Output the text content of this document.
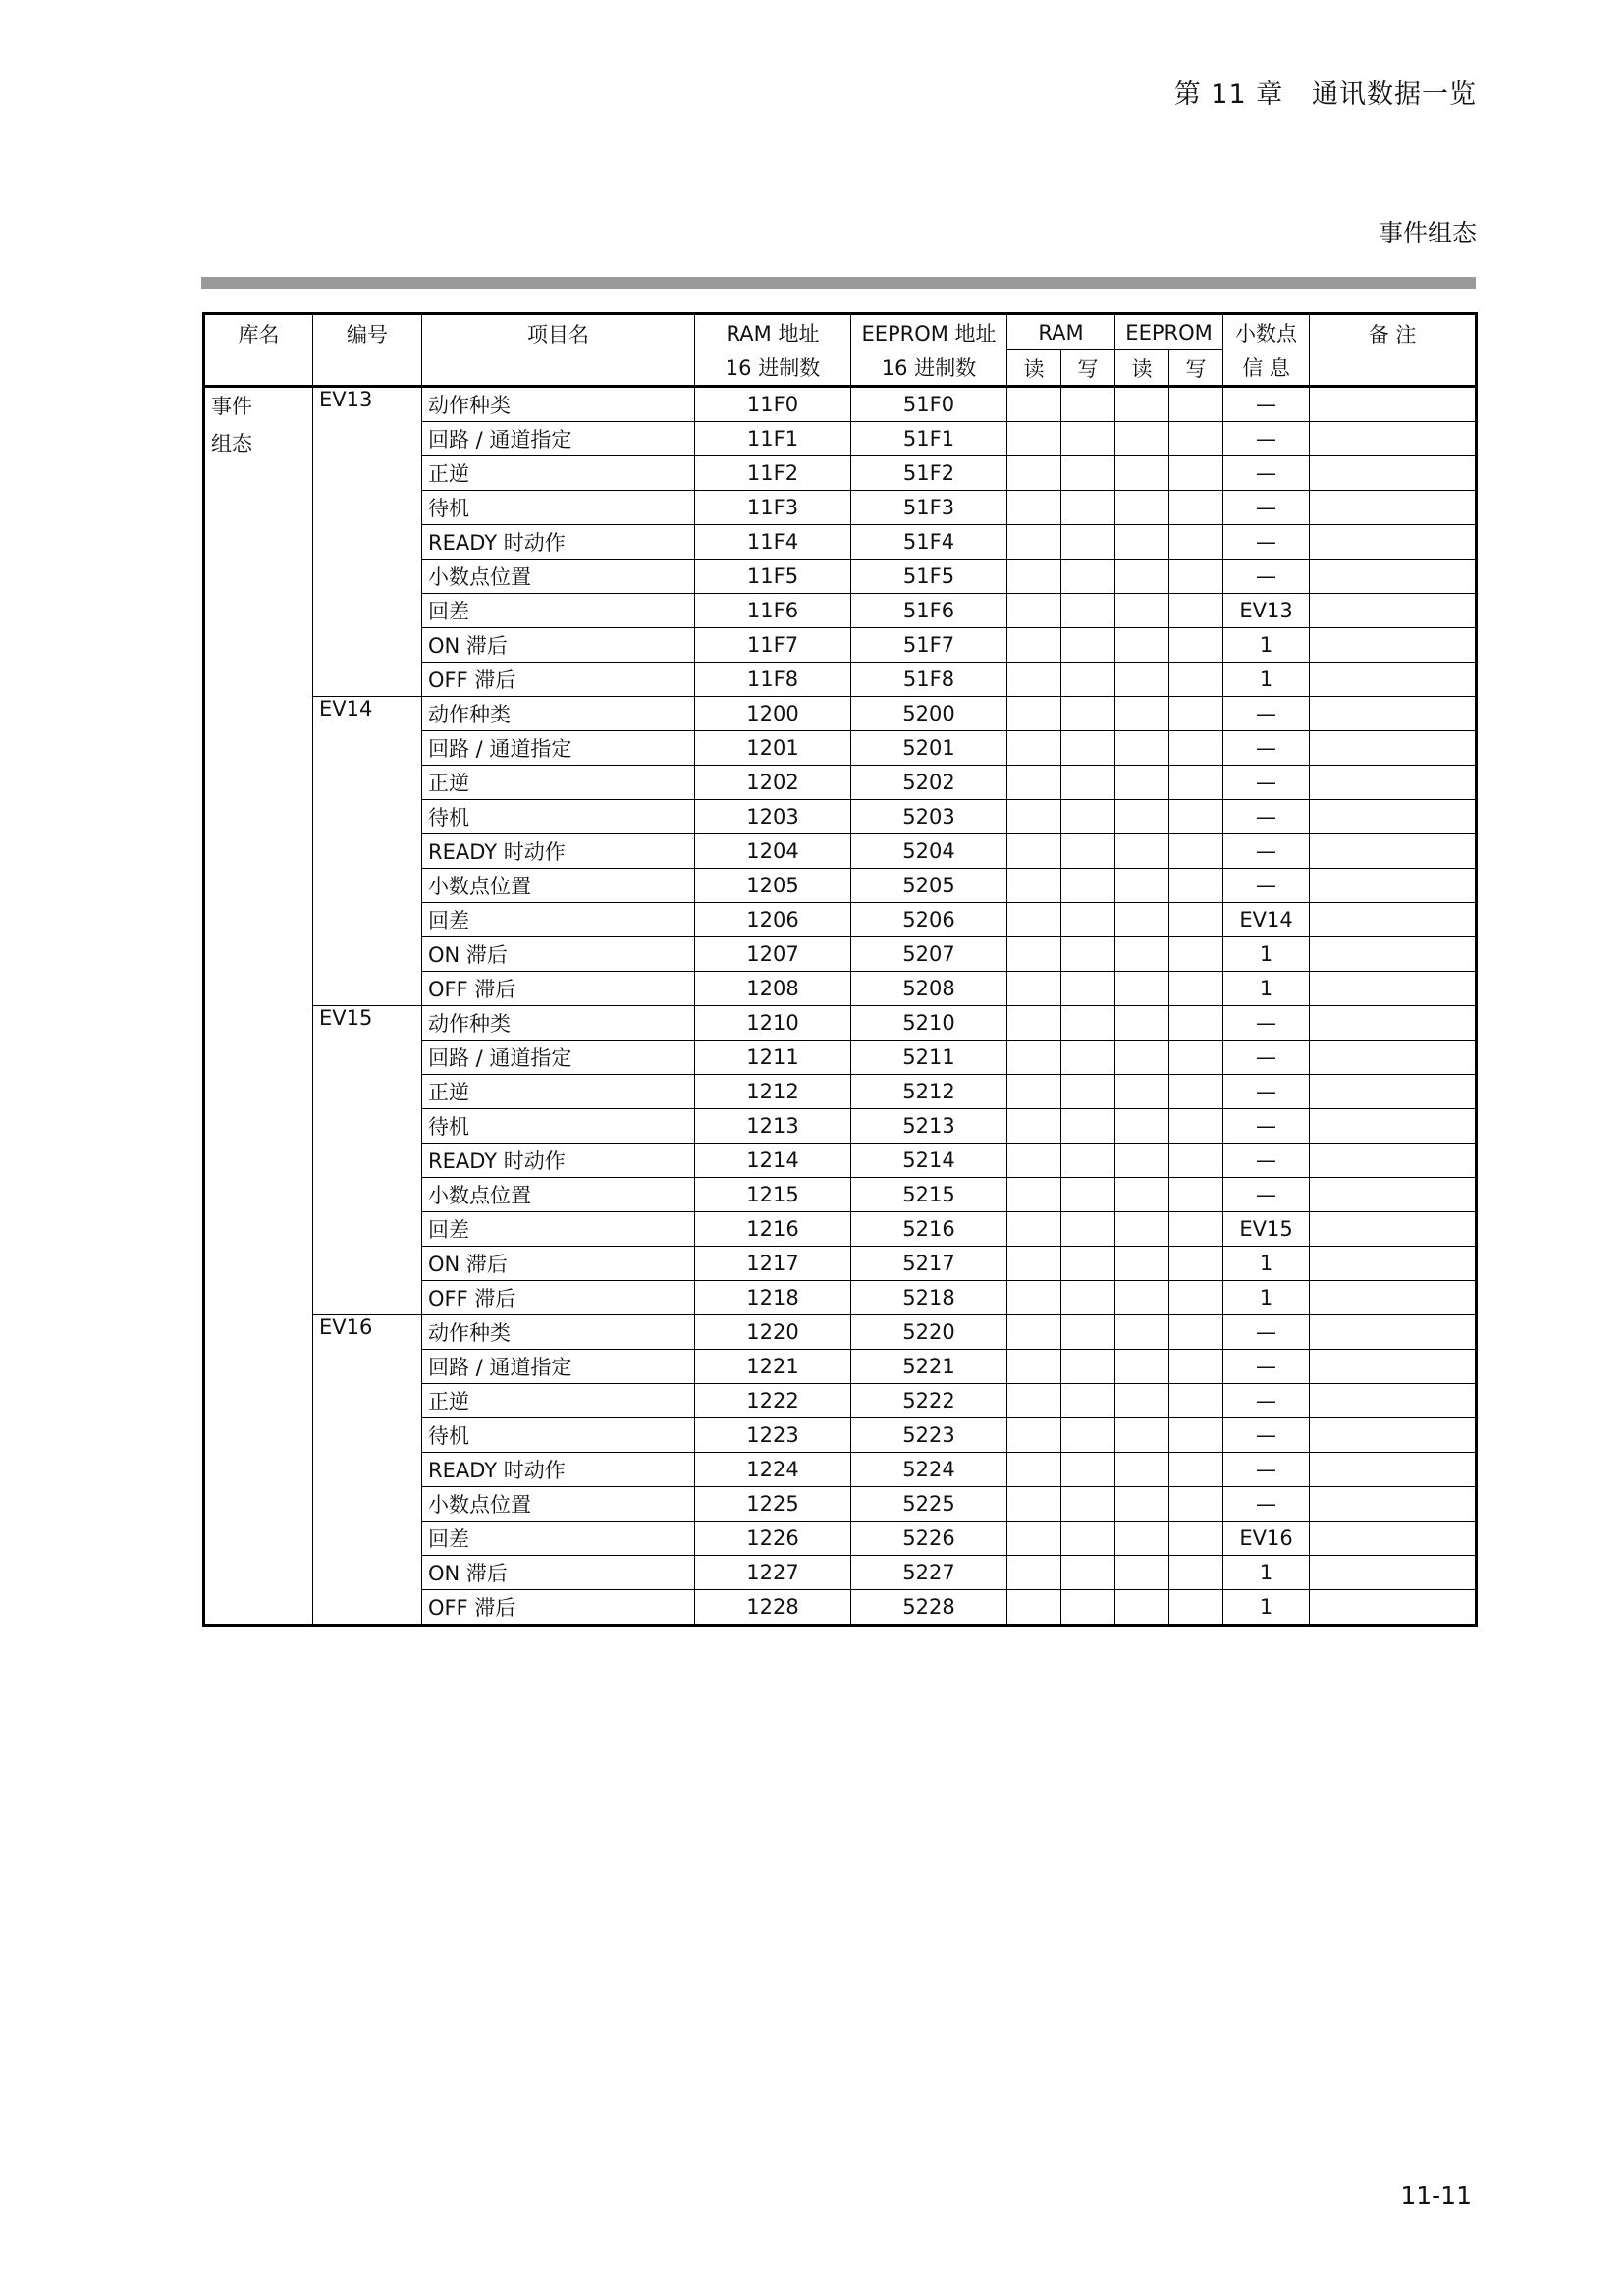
第 11 章 通讯数据一览
事件组态
库名	编号	项目名	RAM 地址	EEPROM 地址	RAM		EEPROM		小数点	备 注
			16 进制数	16 进制数	读	写	读	写	信 息	

事件
组态	EV13	动作种类	11F0	51F0					—	
		回路 / 通道指定	11F1	51F1					—	
		正逆	11F2	51F2					—	
		待机	11F3	51F3					—	
		READY 时动作	11F4	51F4					—	
		小数点位置	11F5	51F5					—	
		回差	11F6	51F6					EV13	
		ON 滞后	11F7	51F7					1	
		OFF 滞后	11F8	51F8					1	
	EV14	动作种类	1200	5200					—	
		回路 / 通道指定	1201	5201					—	
		正逆	1202	5202					—	
		待机	1203	5203					—	
		READY 时动作	1204	5204					—	
		小数点位置	1205	5205					—	
		回差	1206	5206					EV14	
		ON 滞后	1207	5207					1	
		OFF 滞后	1208	5208					1	
	EV15	动作种类	1210	5210					—	
		回路 / 通道指定	1211	5211					—	
		正逆	1212	5212					—	
		待机	1213	5213					—	
		READY 时动作	1214	5214					—	
		小数点位置	1215	5215					—	
		回差	1216	5216					EV15	
		ON 滞后	1217	5217					1	
		OFF 滞后	1218	5218					1	
	EV16	动作种类	1220	5220					—	
		回路 / 通道指定	1221	5221					—	
		正逆	1222	5222					—	
		待机	1223	5223					—	
		READY 时动作	1224	5224					—	
		小数点位置	1225	5225					—	
		回差	1226	5226					EV16	
		ON 滞后	1227	5227					1	
		OFF 滞后	1228	5228					1	
11-11
